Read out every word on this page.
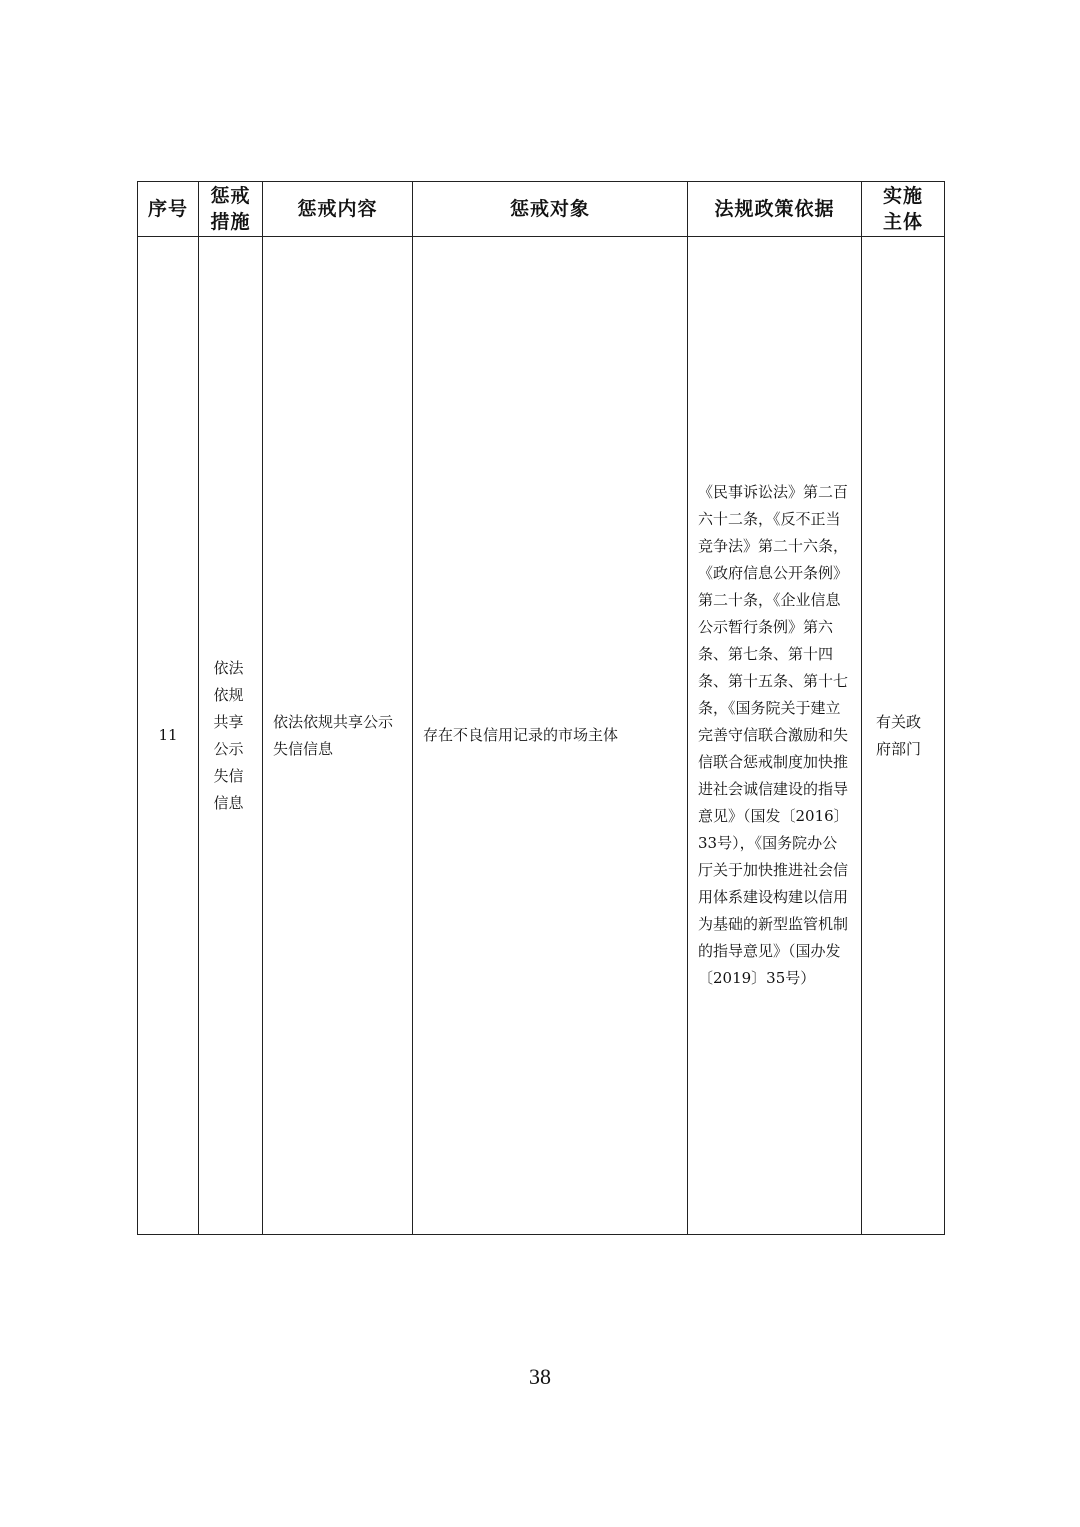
序号	惩戒措施	惩戒内容	惩戒对象	法规政策依据	实施主体

11	依法依规共享公示失信信息	依法依规共享公示失信信息	存在不良信用记录的市场主体	《民事诉讼法》第二百六十二条，《反不正当竞争法》第二十六条，《政府信息公开条例》第二十条，《企业信息公示暂行条例》第六条、第七条、第十四条、第十五条、第十七条，《国务院关于建立完善守信联合激励和失信联合惩戒制度加快推进社会诚信建设的指导意见》（国发〔2016〕33号），《国务院办公厅关于加快推进社会信用体系建设构建以信用为基础的新型监管机制的指导意见》（国办发〔2019〕35号）	有关政府部门
38
